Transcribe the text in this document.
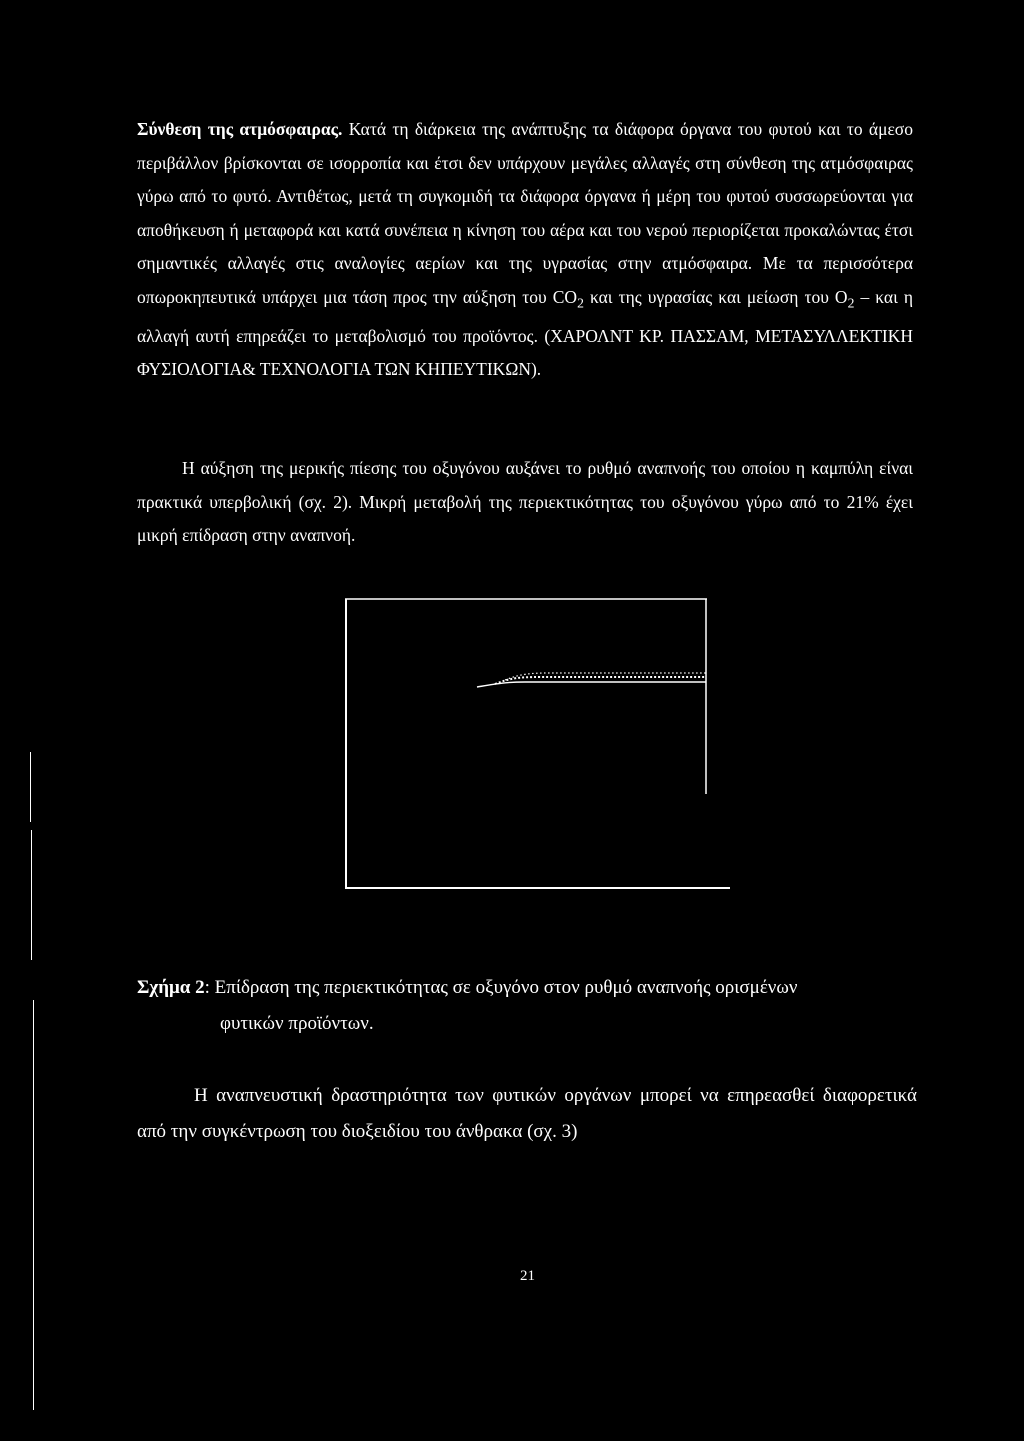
Σύνθεση της ατμόσφαιρας. Κατά τη διάρκεια της ανάπτυξης τα διάφορα όργανα του φυτού και το άμεσο περιβάλλον βρίσκονται σε ισορροπία και έτσι δεν υπάρχουν μεγάλες αλλαγές στη σύνθεση της ατμόσφαιρας γύρω από το φυτό. Αντιθέτως, μετά τη συγκομιδή τα διάφορα όργανα ή μέρη του φυτού συσσωρεύονται για αποθήκευση ή μεταφορά και κατά συνέπεια η κίνηση του αέρα και του νερού περιορίζεται προκαλώντας έτσι σημαντικές αλλαγές στις αναλογίες αερίων και της υγρασίας στην ατμόσφαιρα. Με τα περισσότερα οπωροκηπευτικά υπάρχει μια τάση προς την αύξηση του $CO_2$ και της υγρασίας και μείωση του $O_2$ – και η αλλαγή αυτή επηρεάζει το μεταβολισμό του προϊόντος. (ΧΑΡΟΛΝΤ ΚΡ. ΠΑΣΣΑΜ, ΜΕΤΑΣΥΛΛΕΚΤΙΚΗ ΦΥΣΙΟΛΟΓΙΑ& ΤΕΧΝΟΛΟΓΙΑ ΤΩΝ ΚΗΠΕΥΤΙΚΩΝ).

Η αύξηση της μερικής πίεσης του οξυγόνου αυξάνει το ρυθμό αναπνοής του οποίου η καμπύλη είναι πρακτικά υπερβολική (σχ. 2). Μικρή μεταβολή της περιεκτικότητας του οξυγόνου γύρω από το 21% έχει μικρή επίδραση στην αναπνοή.

Σχήμα 2: Επίδραση της περιεκτικότητας σε οξυγόνο στον ρυθμό αναπνοής ορισμένων
φυτικών προϊόντων.

Η αναπνευστική δραστηριότητα των φυτικών οργάνων μπορεί να επηρεασθεί διαφορετικά από την συγκέντρωση του διοξειδίου του άνθρακα (σχ. 3)

21
